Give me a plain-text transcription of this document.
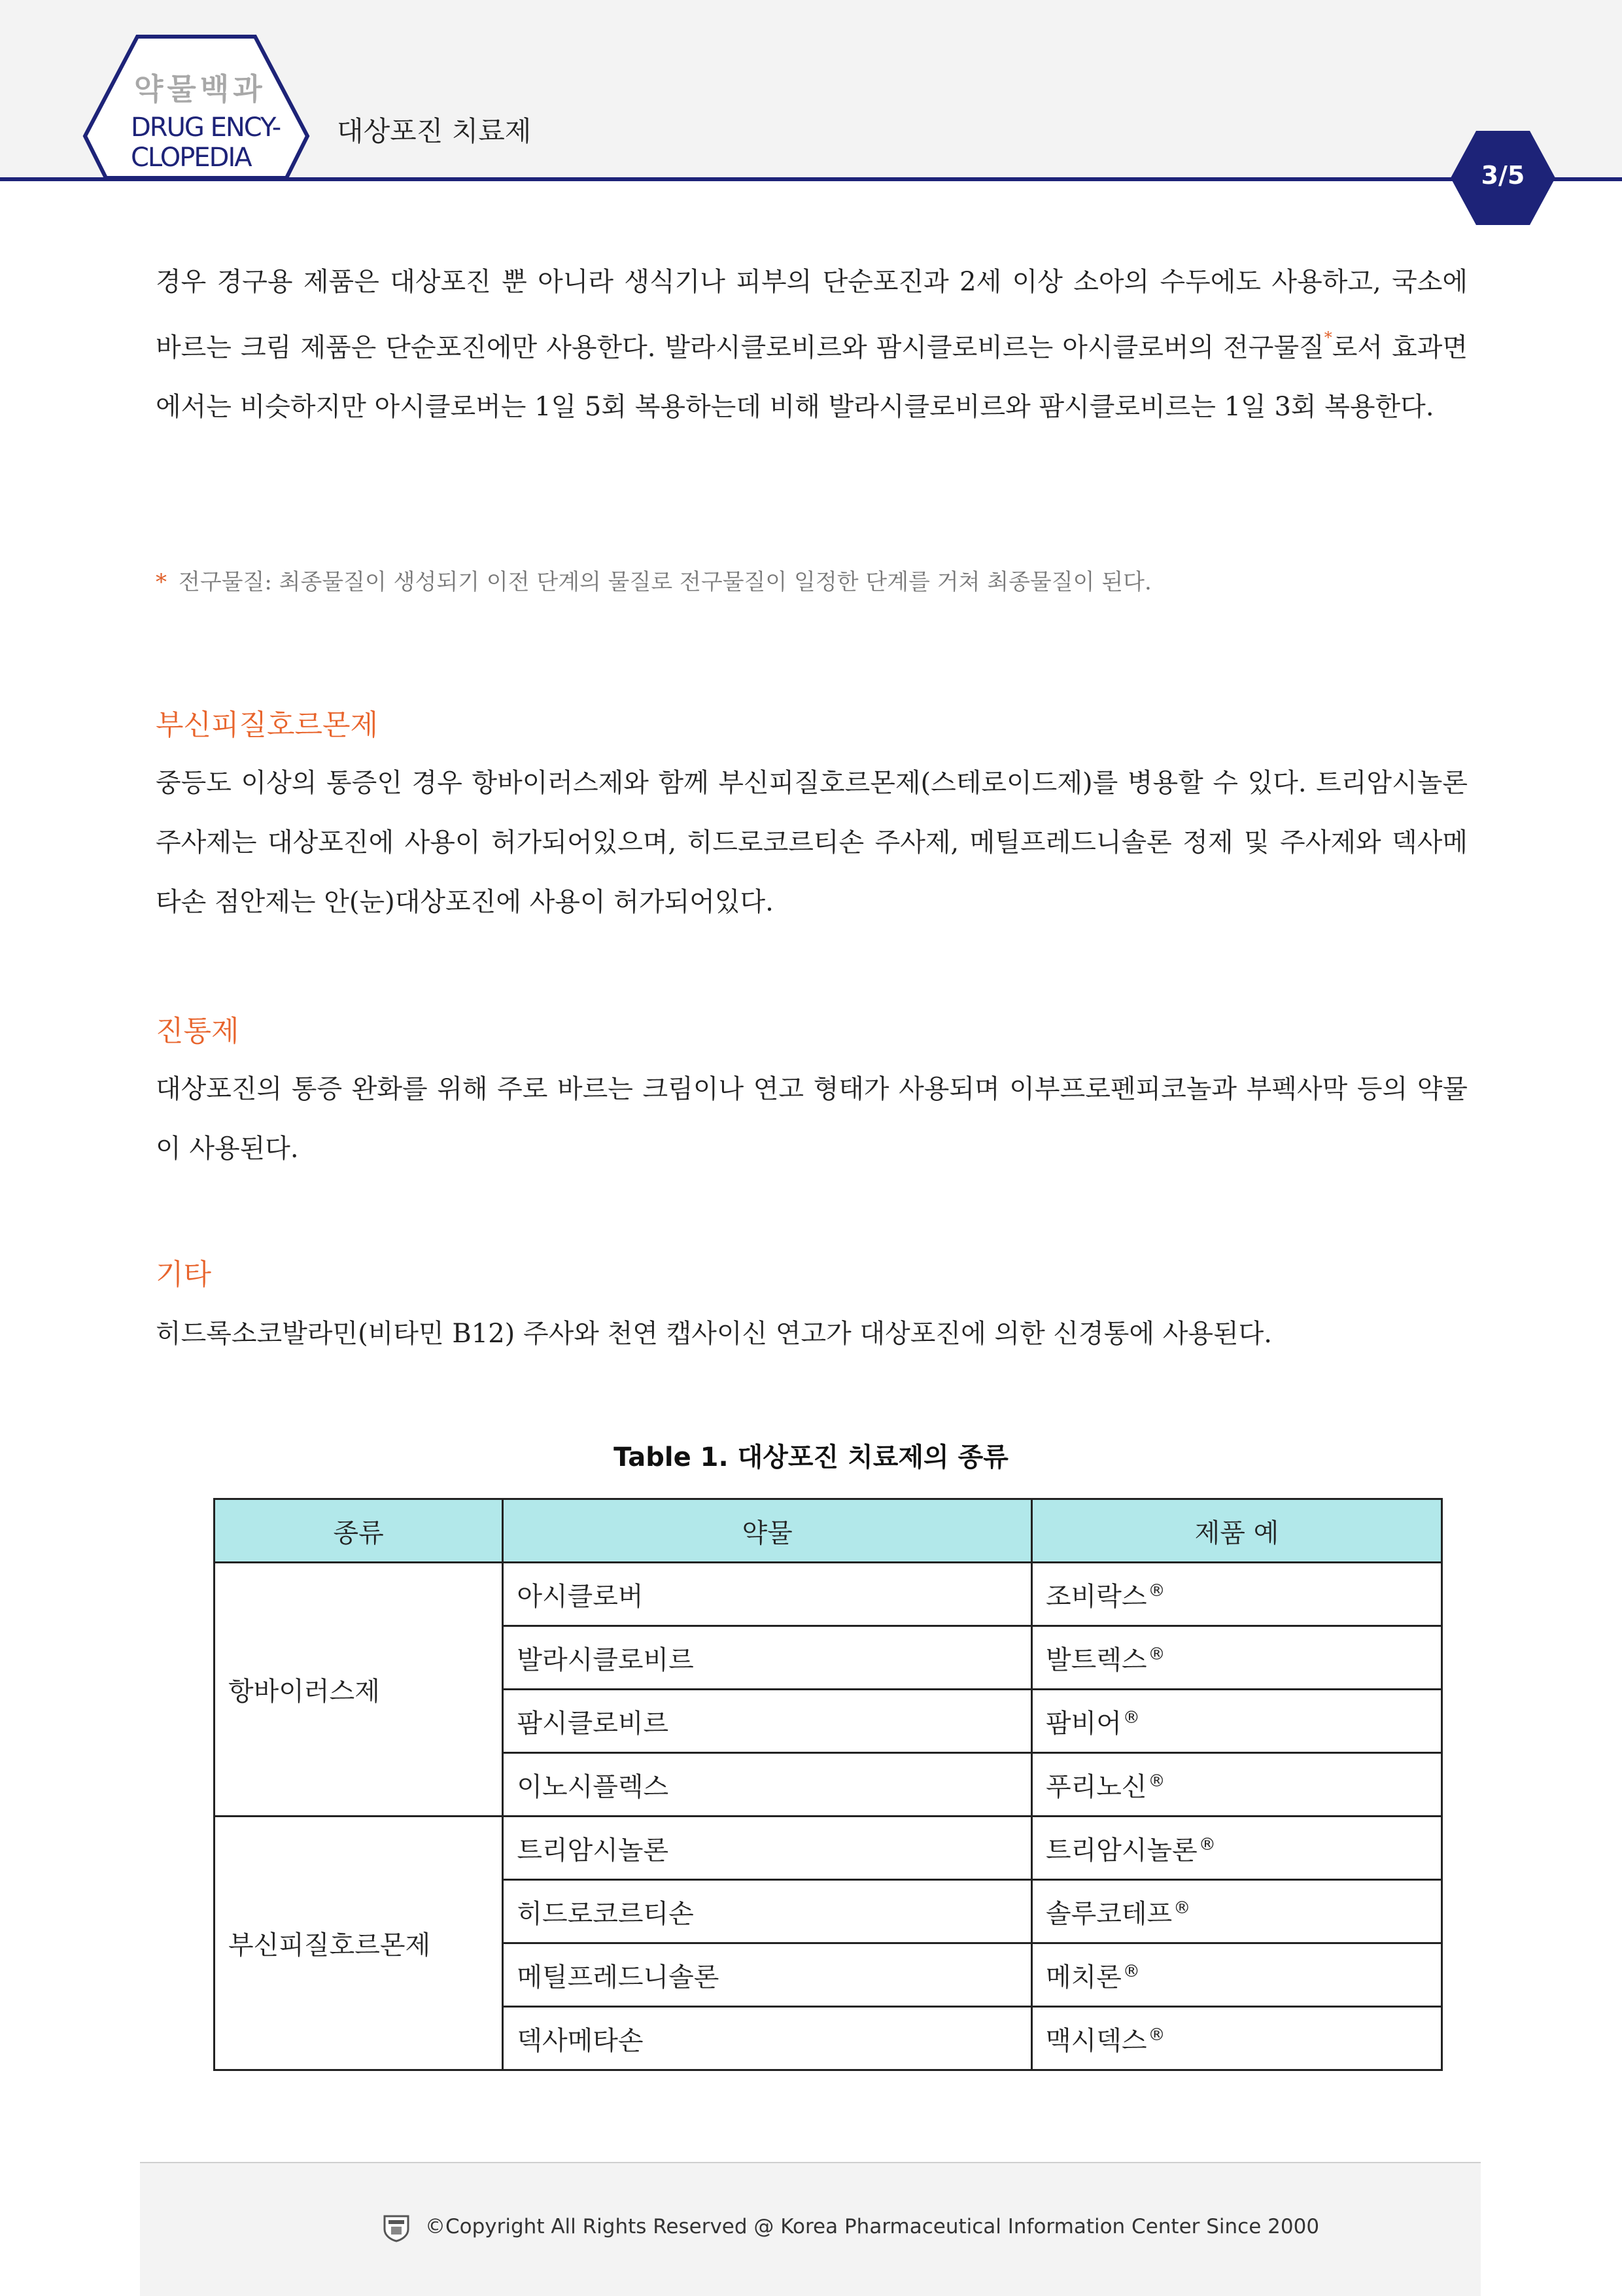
약물백과
DRUG ENCY-
CLOPEDIA
대상포진 치료제
3/5

경우 경구용 제품은 대상포진 뿐 아니라 생식기나 피부의 단순포진과 2세 이상 소아의 수두에도 사용하고, 국소에 바르는 크림 제품은 단순포진에만 사용한다. 발라시클로비르와 팜시클로비르는 아시클로버의 전구물질*로서 효과면에서는 비슷하지만 아시클로버는 1일 5회 복용하는데 비해 발라시클로비르와 팜시클로비르는 1일 3회 복용한다.

* 전구물질: 최종물질이 생성되기 이전 단계의 물질로 전구물질이 일정한 단계를 거쳐 최종물질이 된다.
부신피질호르몬제

중등도 이상의 통증인 경우 항바이러스제와 함께 부신피질호르몬제(스테로이드제)를 병용할 수 있다. 트리암시놀론 주사제는 대상포진에 사용이 허가되어있으며, 히드로코르티손 주사제, 메틸프레드니솔론 정제 및 주사제와 덱사메타손 점안제는 안(눈)대상포진에 사용이 허가되어있다.

진통제

대상포진의 통증 완화를 위해 주로 바르는 크림이나 연고 형태가 사용되며 이부프로펜피코놀과 부펙사막 등의 약물이 사용된다.

기타

히드록소코발라민(비타민 B12) 주사와 천연 캡사이신 연고가 대상포진에 의한 신경통에 사용된다.

Table 1. 대상포진 치료제의 종류
종류	약물	제품 예
항바이러스제	아시클로버	조비락스®
	발라시클로비르	발트렉스®
	팜시클로비르	팜비어®
	이노시플렉스	푸리노신®
부신피질호르몬제	트리암시놀론	트리암시놀론®
	히드로코르티손	솔루코테프®
	메틸프레드니솔론	메치론®
	덱사메타손	맥시덱스®
©Copyright All Rights Reserved @ Korea Pharmaceutical Information Center Since 2000
